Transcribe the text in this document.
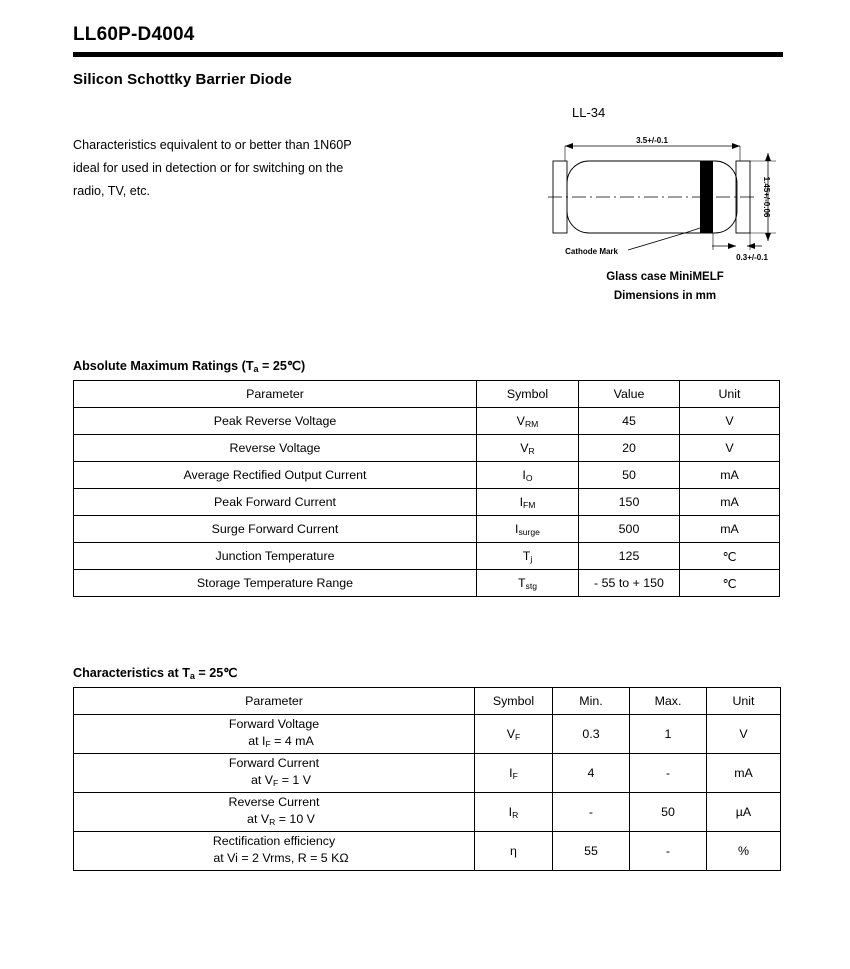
LL60P-D4004
Silicon Schottky Barrier Diode
Characteristics equivalent to or better than 1N60P
ideal for used in detection or for switching on the
radio, TV, etc.
LL-34
3.5+/-0.1
1.45+/-0.06
0.3+/-0.1
Cathode Mark
Glass case MiniMELF
Dimensions in mm
Absolute Maximum Ratings ($T_a$ = 25℃)
Parameter	Symbol	Value	Unit
Peak Reverse Voltage	$V_{RM}$	45	V
Reverse Voltage	$V_R$	20	V
Average Rectified Output Current	$I_O$	50	mA
Peak Forward Current	$I_{FM}$	150	mA
Surge Forward Current	$I_{surge}$	500	mA
Junction Temperature	$T_j$	125	℃
Storage Temperature Range	$T_{stg}$	- 55 to + 150	℃
Characteristics at $T_a$ = 25℃
Parameter	Symbol	Min.	Max.	Unit

Forward Voltage
at $I_F = 4$ mA	$V_F$	0.3	1	V

Forward Current
at $V_F = 1$ V	$I_F$	4	-	mA

Reverse Current
at $V_R = 10$ V	$I_R$	-	50	µA

Rectification efficiency
at Vi = 2 Vrms, R = 5 KΩ	η	55	-	%
